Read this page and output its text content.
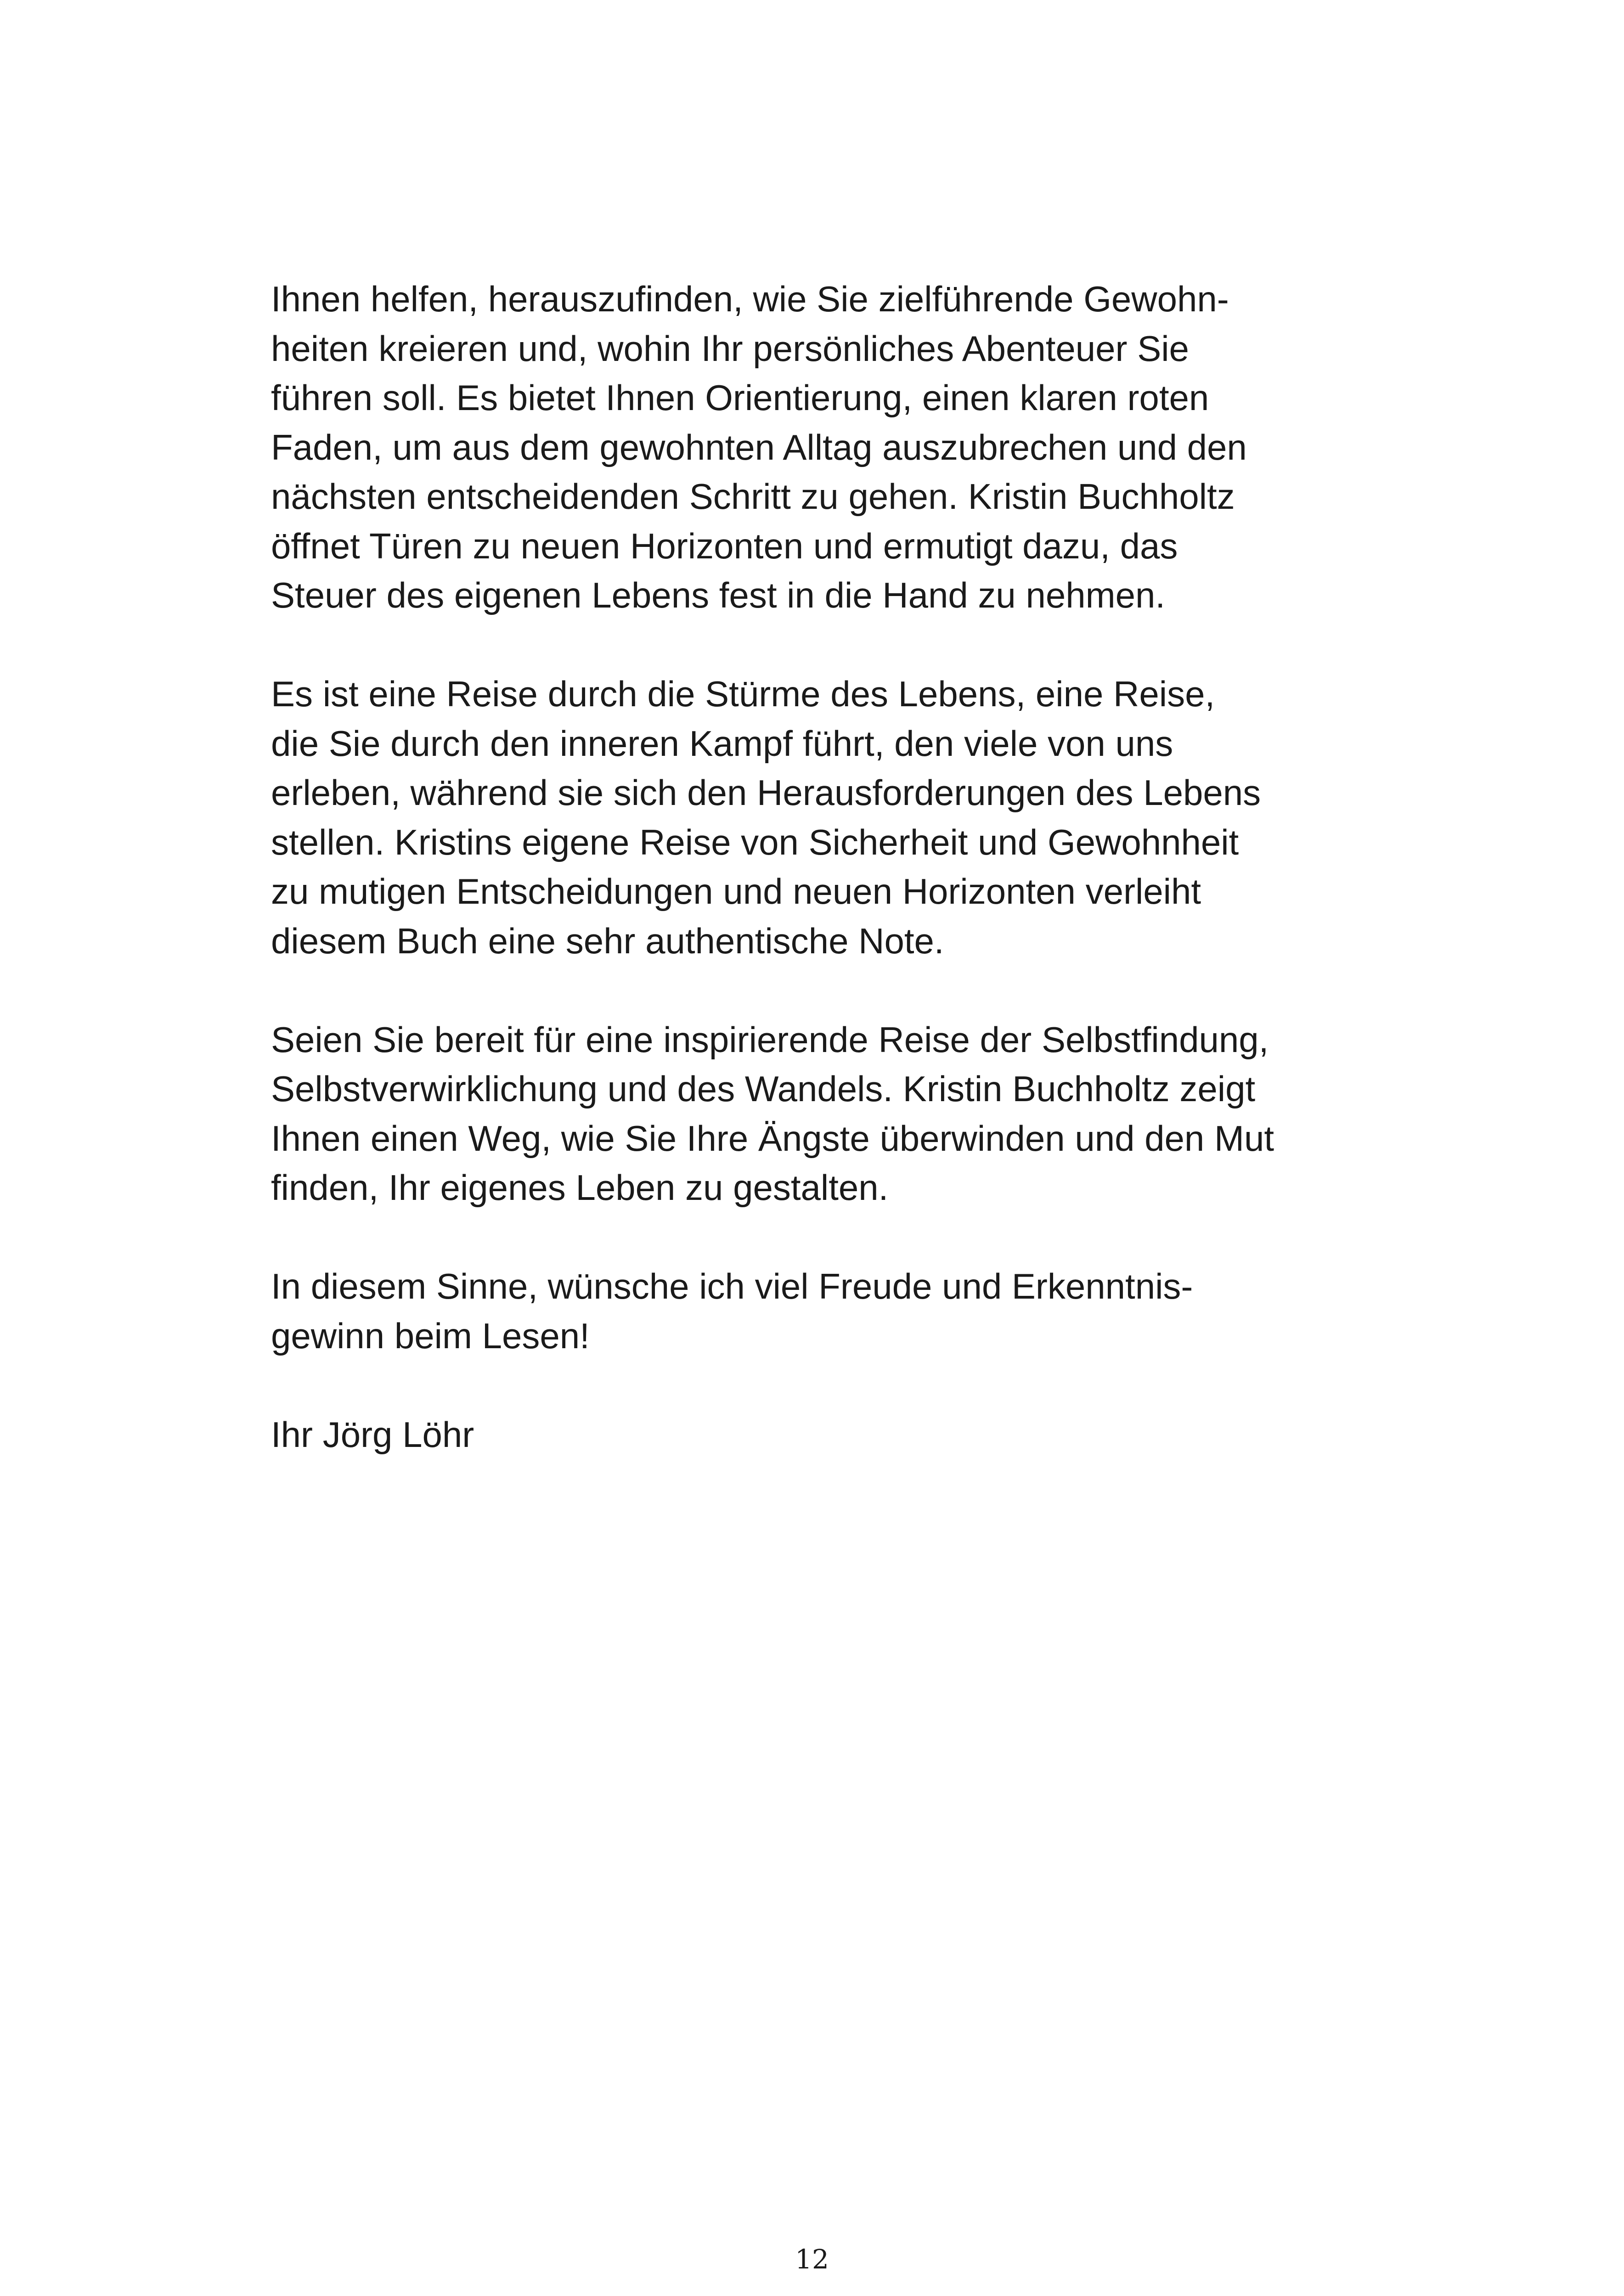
Ihnen helfen, herauszufinden, wie Sie zielführende Gewohn-
heiten kreieren und, wohin Ihr persönliches Abenteuer Sie
führen soll. Es bietet Ihnen Orientierung, einen klaren roten
Faden, um aus dem gewohnten Alltag auszubrechen und den
nächsten entscheidenden Schritt zu gehen. Kristin Buchholtz
öffnet Türen zu neuen Horizonten und ermutigt dazu, das
Steuer des eigenen Lebens fest in die Hand zu nehmen.

Es ist eine Reise durch die Stürme des Lebens, eine Reise,
die Sie durch den inneren Kampf führt, den viele von uns
erleben, während sie sich den Herausforderungen des Lebens
stellen. Kristins eigene Reise von Sicherheit und Gewohnheit
zu mutigen Entscheidungen und neuen Horizonten verleiht
diesem Buch eine sehr authentische Note.

Seien Sie bereit für eine inspirierende Reise der Selbstfindung,
Selbstverwirklichung und des Wandels. Kristin Buchholtz zeigt
Ihnen einen Weg, wie Sie Ihre Ängste überwinden und den Mut
finden, Ihr eigenes Leben zu gestalten.

In diesem Sinne, wünsche ich viel Freude und Erkenntnis-
gewinn beim Lesen!

Ihr Jörg Löhr

12
